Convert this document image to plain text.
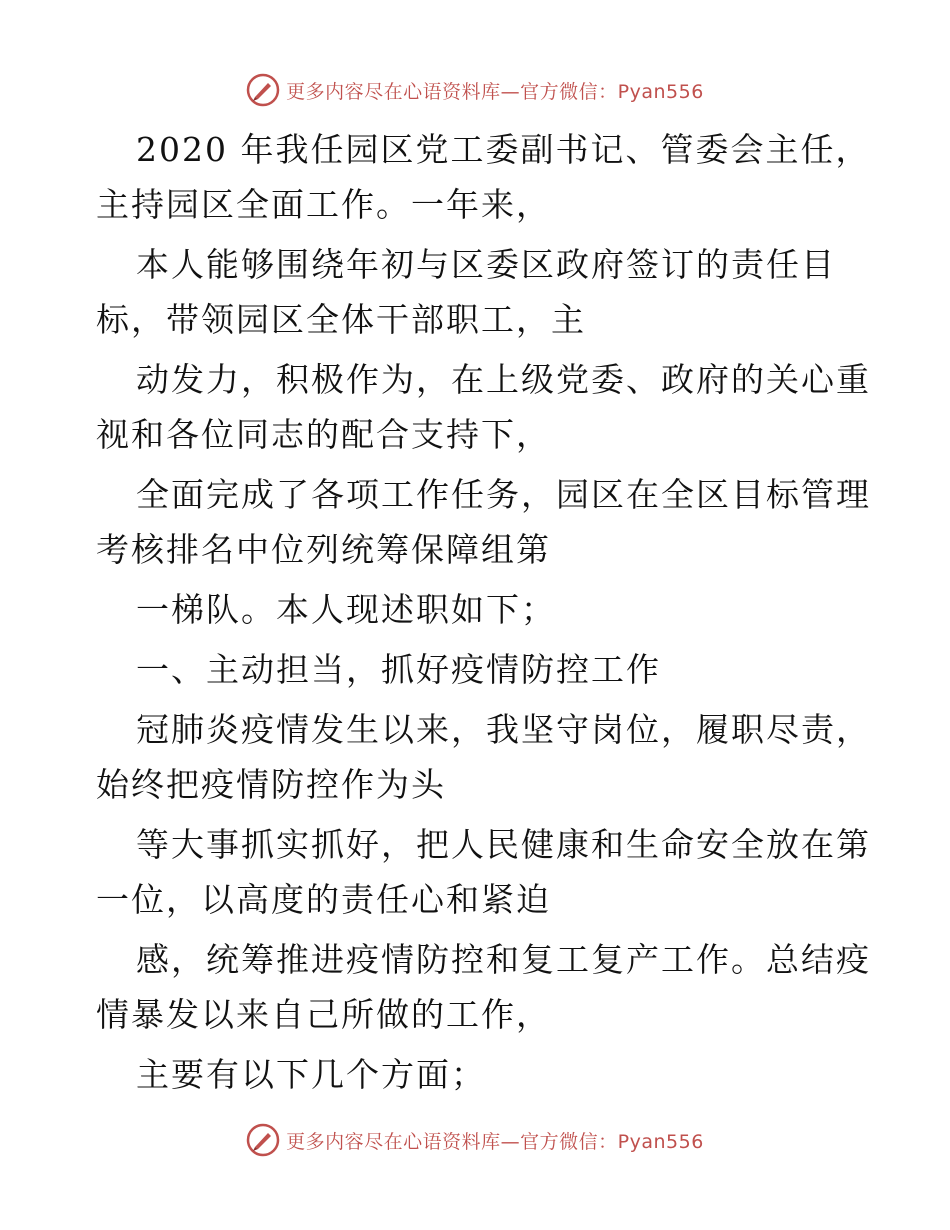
更多内容尽在心语资料库—官方微信：Pyan556
2020 年我任园区党工委副书记、管委会主任，
主持园区全面工作。一年来，
本人能够围绕年初与区委区政府签订的责任目
标，带领园区全体干部职工，主
动发力，积极作为，在上级党委、政府的关心重
视和各位同志的配合支持下，
全面完成了各项工作任务，园区在全区目标管理
考核排名中位列统筹保障组第
一梯队。本人现述职如下；
一、主动担当，抓好疫情防控工作
冠肺炎疫情发生以来，我坚守岗位，履职尽责，
始终把疫情防控作为头
等大事抓实抓好，把人民健康和生命安全放在第
一位，以高度的责任心和紧迫
感，统筹推进疫情防控和复工复产工作。总结疫
情暴发以来自己所做的工作，
主要有以下几个方面；
更多内容尽在心语资料库—官方微信：Pyan556
